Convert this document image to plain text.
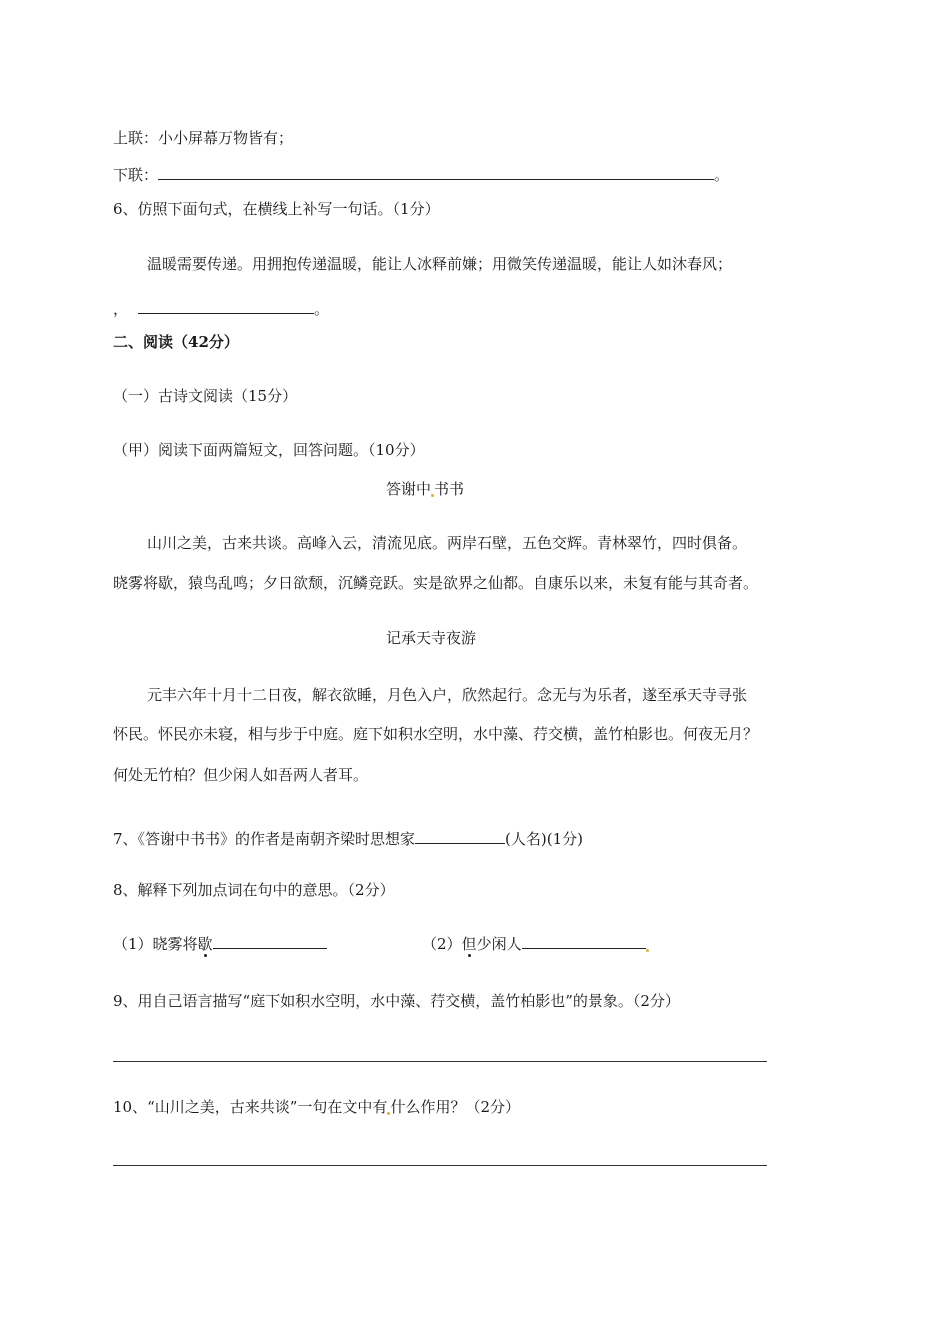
上联：小小屏幕万物皆有；
下联：	。
6、仿照下面句式，在横线上补写一句话。（1分）
温暖需要传递。用拥抱传递温暖，能让人冰释前嫌；用微笑传递温暖，能让人如沐春风；
，	。
二、阅读（42分）
（一）古诗文阅读（15分）
（甲）阅读下面两篇短文，回答问题。（10分）
答谢中 书书
山川之美，古来共谈。高峰入云，清流见底。两岸石壁，五色交辉。青林翠竹，四时俱备。
晓雾将歇，猿鸟乱鸣；夕日欲颓，沉鳞竞跃。实是欲界之仙都。自康乐以来，未复有能与其奇者。
记承天寺夜游
元丰六年十月十二日夜，解衣欲睡，月色入户，欣然起行。念无与为乐者，遂至承天寺寻张
怀民。怀民亦未寝，相与步于中庭。庭下如积水空明，水中藻、荇交横，盖竹柏影也。何夜无月？
何处无竹柏？但少闲人如吾两人者耳。
7、《答谢中书书》的作者是南朝齐梁时思想家	(人名)(1分)
8、解释下列加点词在句中的意思。（2分）
（1）晓雾将歇	（2）但少闲人
9、用自己语言描写“庭下如积水空明，水中藻、荇交横，盖竹柏影也”的景象。（2分）
10、“山川之美，古来共谈”一句在文中有 什么作用？（2分）
